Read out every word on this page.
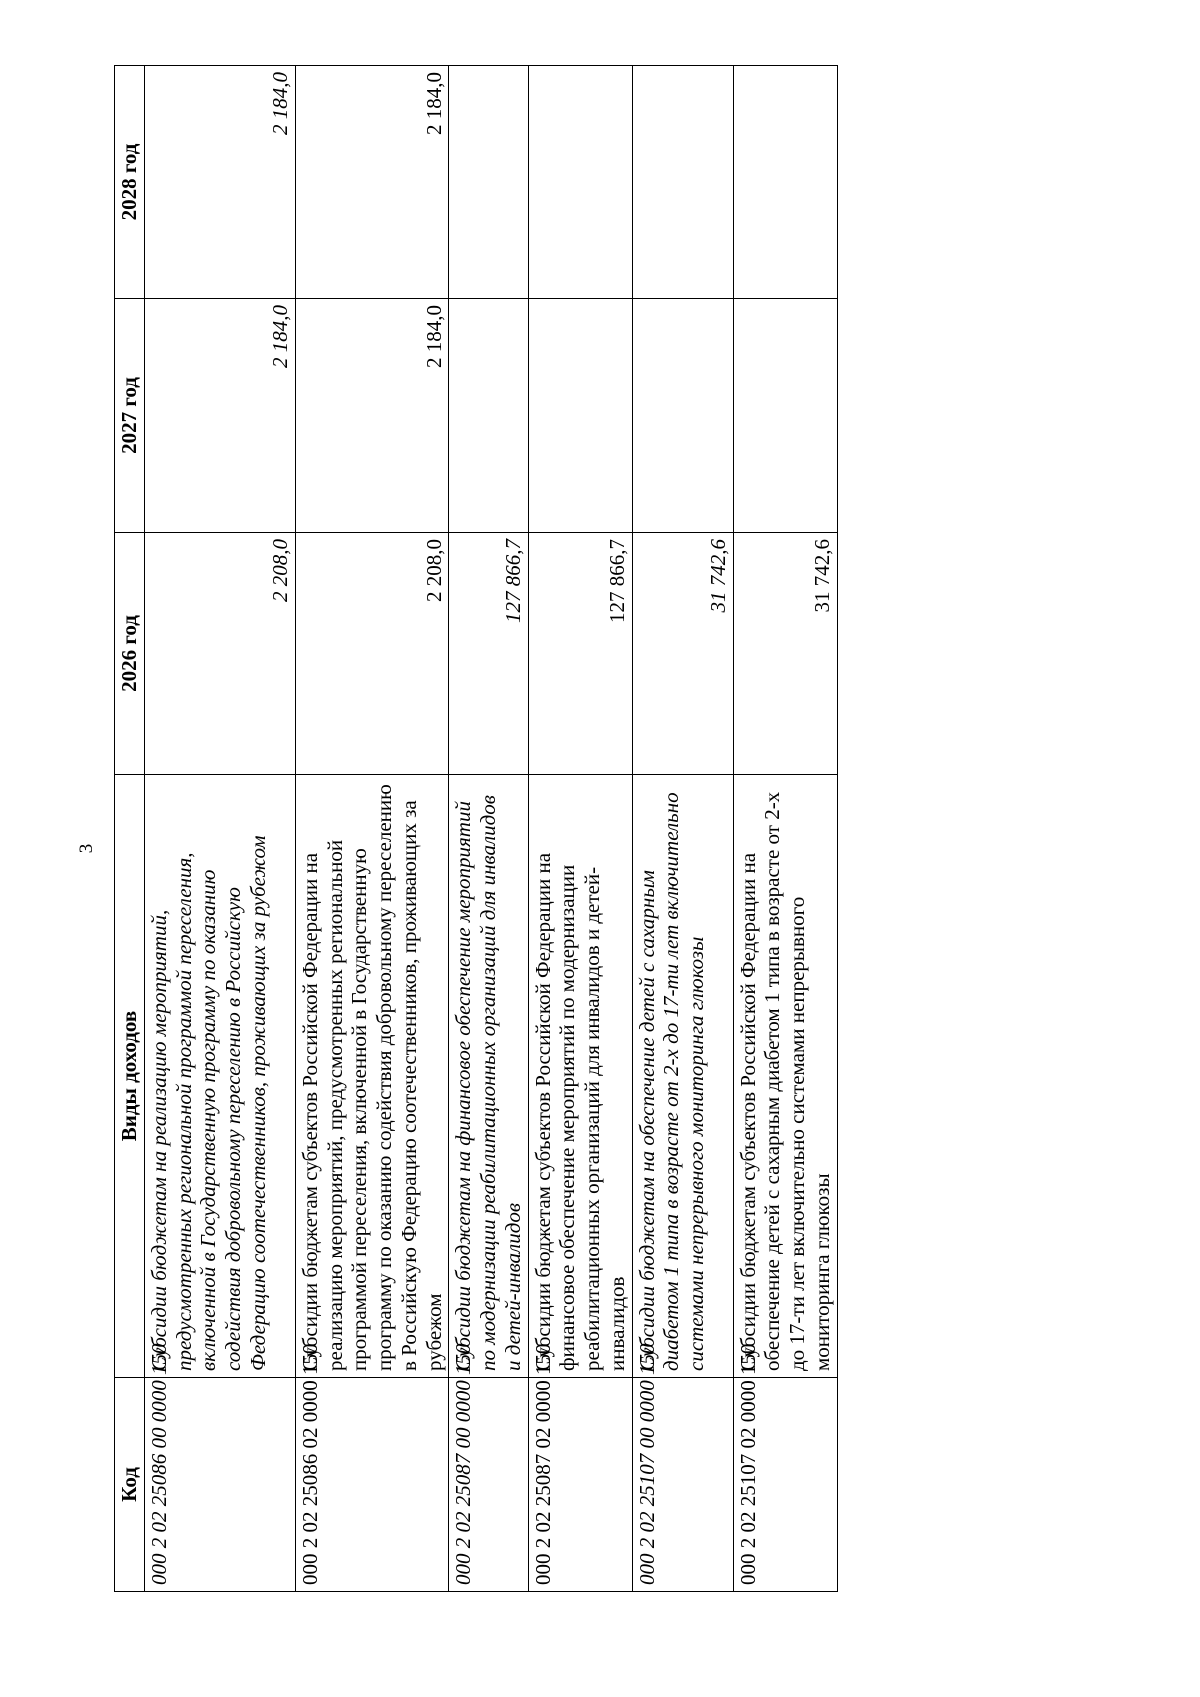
3
Код	Виды доходов	2026 год	2027 год	2028 год
000 2 02 25086 00 0000 150	Субсидии бюджетам на реализацию мероприятий, предусмотренных региональной программой переселения, включенной в Государственную программу по оказанию содействия добровольному переселению в Российскую Федерацию соотечественников, проживающих за рубежом	2 208,0	2 184,0	2 184,0
000 2 02 25086 02 0000 150	Субсидии бюджетам субъектов Российской Федерации на реализацию мероприятий, предусмотренных региональной программой переселения, включенной в Государственную программу по оказанию содействия добровольному переселению в Российскую Федерацию соотечественников, проживающих за рубежом	2 208,0	2 184,0	2 184,0
000 2 02 25087 00 0000 150	Субсидии бюджетам на финансовое обеспечение мероприятий по модернизации реабилитационных организаций для инвалидов и детей-инвалидов	127 866,7		
000 2 02 25087 02 0000 150	Субсидии бюджетам субъектов Российской Федерации на финансовое обеспечение мероприятий по модернизации реабилитационных организаций для инвалидов и детей-инвалидов	127 866,7		
000 2 02 25107 00 0000 150	Субсидии бюджетам на обеспечение детей с сахарным диабетом 1 типа в возрасте от 2-х до 17-ти лет включительно системами непрерывного мониторинга глюкозы	31 742,6		
000 2 02 25107 02 0000 150	Субсидии бюджетам субъектов Российской Федерации на обеспечение детей с сахарным диабетом 1 типа в возрасте от 2-х до 17-ти лет включительно системами непрерывного мониторинга глюкозы	31 742,6		
